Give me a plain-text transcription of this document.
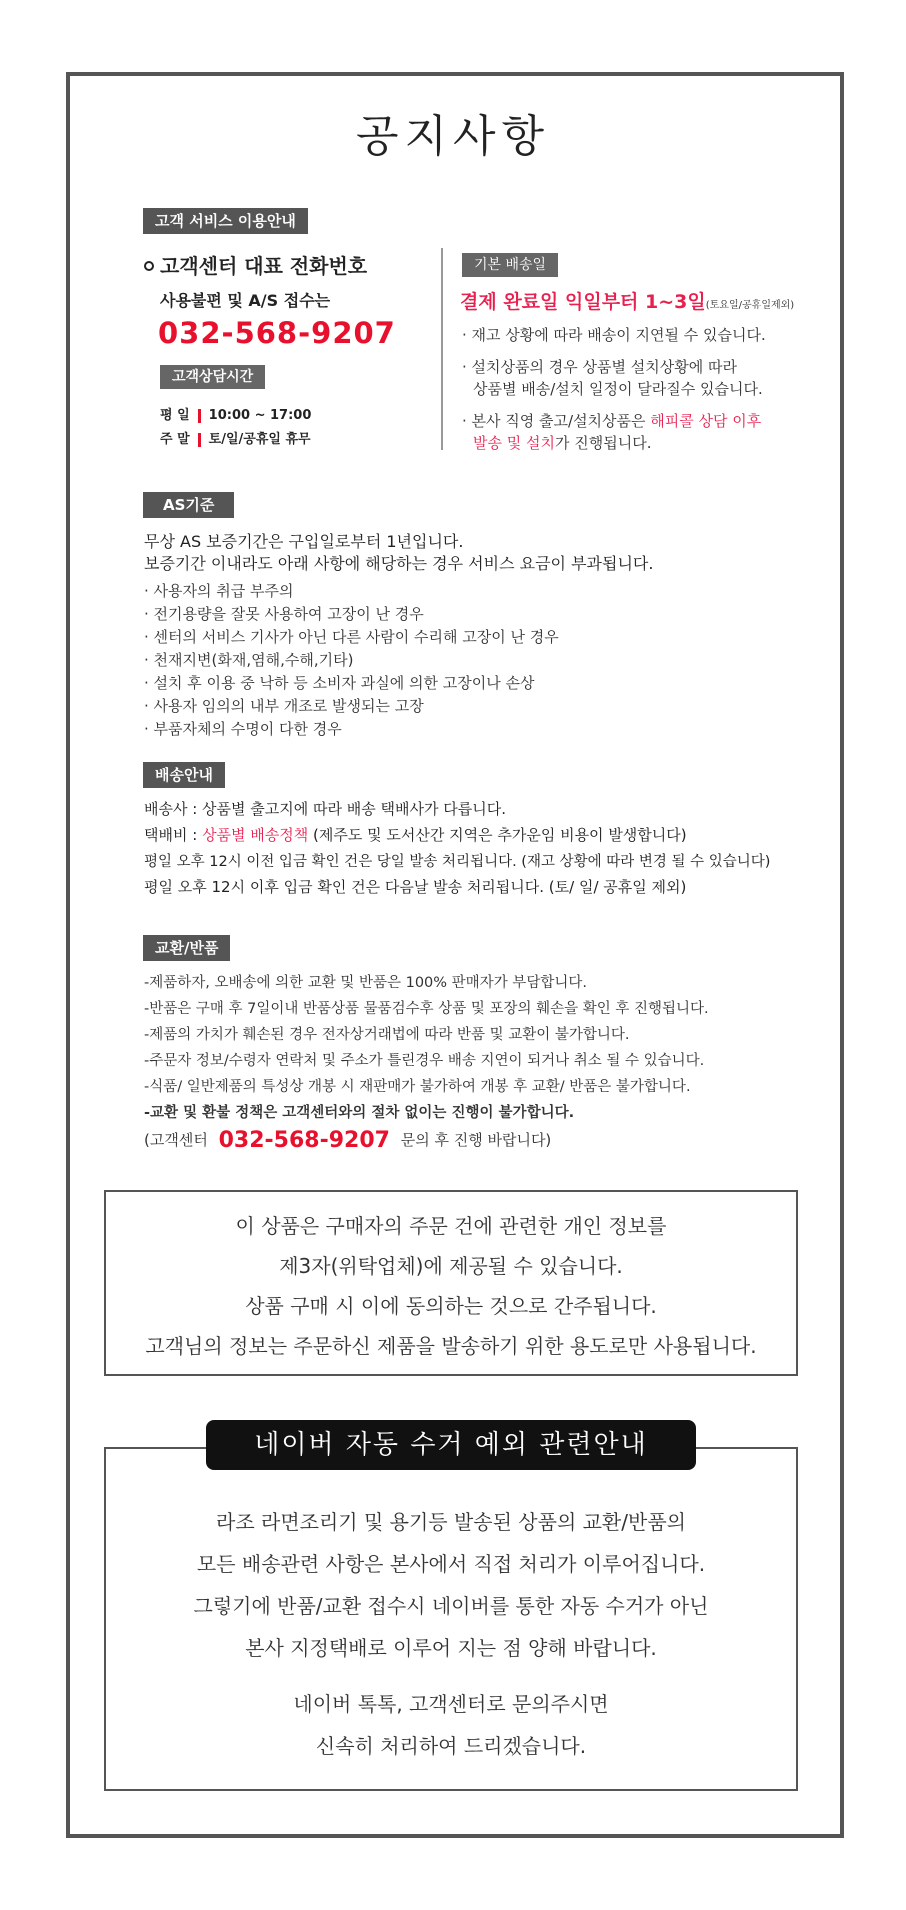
공지사항
고객 서비스 이용안내
고객센터 대표 전화번호
사용불편 및 A/S 접수는
032-568-9207
고객상담시간
평 일 10:00 ~ 17:00
주 말 토/일/공휴일 휴무
기본 배송일
결제 완료일 익일부터 1~3일(토요일/공휴일제외)
· 재고 상황에 따라 배송이 지연될 수 있습니다.
· 설치상품의 경우 상품별 설치상황에 따라
상품별 배송/설치 일정이 달라질수 있습니다.
· 본사 직영 출고/설치상품은 해피콜 상담 이후
발송 및 설치가 진행됩니다.
AS기준
무상 AS 보증기간은 구입일로부터 1년입니다.
보증기간 이내라도 아래 사항에 해당하는 경우 서비스 요금이 부과됩니다.
· 사용자의 취급 부주의
· 전기용량을 잘못 사용하여 고장이 난 경우
· 센터의 서비스 기사가 아닌 다른 사람이 수리해 고장이 난 경우
· 천재지변(화재,염해,수해,기타)
· 설치 후 이용 중 낙하 등 소비자 과실에 의한 고장이나 손상
· 사용자 임의의 내부 개조로 발생되는 고장
· 부품자체의 수명이 다한 경우
배송안내
배송사 : 상품별 출고지에 따라 배송 택배사가 다릅니다.
택배비 : 상품별 배송정책 (제주도 및 도서산간 지역은 추가운임 비용이 발생합니다)
평일 오후 12시 이전 입금 확인 건은 당일 발송 처리됩니다. (재고 상황에 따라 변경 될 수 있습니다)
평일 오후 12시 이후 입금 확인 건은 다음날 발송 처리됩니다. (토/ 일/ 공휴일 제외)
교환/반품
-제품하자, 오배송에 의한 교환 및 반품은 100% 판매자가 부담합니다.
-반품은 구매 후 7일이내 반품상품 물품검수후 상품 및 포장의 훼손을 확인 후 진행됩니다.
-제품의 가치가 훼손된 경우 전자상거래법에 따라 반품 및 교환이 불가합니다.
-주문자 정보/수령자 연락처 및 주소가 틀린경우 배송 지연이 되거나 취소 될 수 있습니다.
-식품/ 일반제품의 특성상 개봉 시 재판매가 불가하여 개봉 후 교환/ 반품은 불가합니다.
-교환 및 환불 정책은 고객센터와의 절차 없이는 진행이 불가합니다.
(고객센터 032-568-9207 문의 후 진행 바랍니다)

이 상품은 구매자의 주문 건에 관련한 개인 정보를

제3자(위탁업체)에 제공될 수 있습니다.

상품 구매 시 이에 동의하는 것으로 간주됩니다.

고객님의 정보는 주문하신 제품을 발송하기 위한 용도로만 사용됩니다.

라조 라면조리기 및 용기등 발송된 상품의 교환/반품의

모든 배송관련 사항은 본사에서 직접 처리가 이루어집니다.

그렇기에 반품/교환 접수시 네이버를 통한 자동 수거가 아닌

본사 지정택배로 이루어 지는 점 양해 바랍니다.

네이버 톡톡, 고객센터로 문의주시면

신속히 처리하여 드리겠습니다.

네이버 자동 수거 예외 관련안내
